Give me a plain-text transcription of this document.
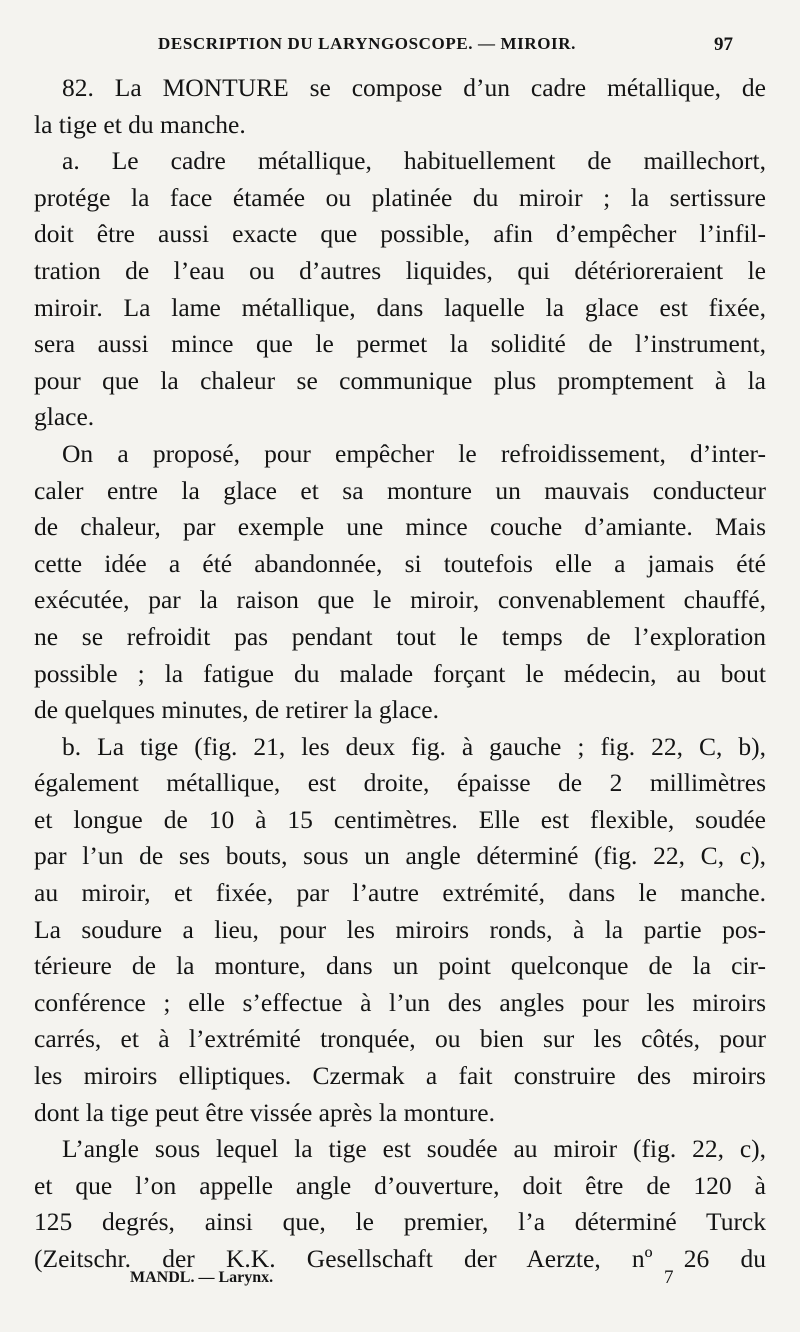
DESCRIPTION DU LARYNGOSCOPE. — MIROIR.	97
82. La MONTURE se compose d’un cadre métallique, de
la tige et du manche.
a. Le cadre métallique, habituellement de maillechort,
protége la face étamée ou platinée du miroir ; la sertissure
doit être aussi exacte que possible, afin d’empêcher l’infil-
tration de l’eau ou d’autres liquides, qui détérioreraient le
miroir. La lame métallique, dans laquelle la glace est fixée,
sera aussi mince que le permet la solidité de l’instrument,
pour que la chaleur se communique plus promptement à la
glace.
On a proposé, pour empêcher le refroidissement, d’inter-
caler entre la glace et sa monture un mauvais conducteur
de chaleur, par exemple une mince couche d’amiante. Mais
cette idée a été abandonnée, si toutefois elle a jamais été
exécutée, par la raison que le miroir, convenablement chauffé,
ne se refroidit pas pendant tout le temps de l’exploration
possible ; la fatigue du malade forçant le médecin, au bout
de quelques minutes, de retirer la glace.
b. La tige (fig. 21, les deux fig. à gauche ; fig. 22, C, b),
également métallique, est droite, épaisse de 2 millimètres
et longue de 10 à 15 centimètres. Elle est flexible, soudée
par l’un de ses bouts, sous un angle déterminé (fig. 22, C, c),
au miroir, et fixée, par l’autre extrémité, dans le manche.
La soudure a lieu, pour les miroirs ronds, à la partie pos-
térieure de la monture, dans un point quelconque de la cir-
conférence ; elle s’effectue à l’un des angles pour les miroirs
carrés, et à l’extrémité tronquée, ou bien sur les côtés, pour
les miroirs elliptiques. Czermak a fait construire des miroirs
dont la tige peut être vissée après la monture.
L’angle sous lequel la tige est soudée au miroir (fig. 22, c),
et que l’on appelle angle d’ouverture, doit être de 120 à
125 degrés, ainsi que, le premier, l’a déterminé Turck
(Zeitschr. der K.K. Gesellschaft der Aerzte, nº 26 du
MANDL. — Larynx.	7
